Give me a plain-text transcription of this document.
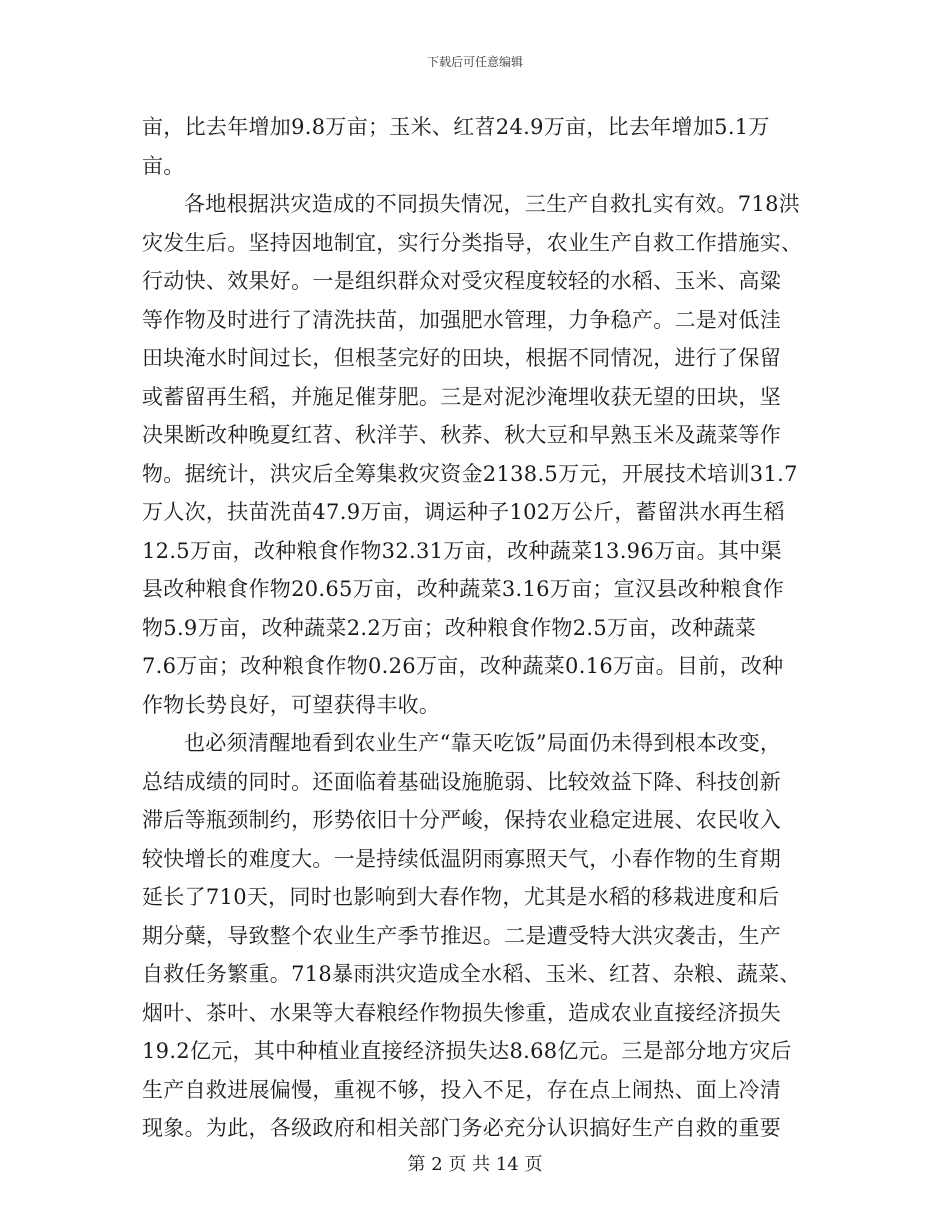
下载后可任意编辑
亩，比去年增加9.8万亩；玉米、红苕24.9万亩，比去年增加5.1万
亩。
各地根据洪灾造成的不同损失情况，三生产自救扎实有效。718洪
灾发生后。坚持因地制宜，实行分类指导，农业生产自救工作措施实、
行动快、效果好。一是组织群众对受灾程度较轻的水稻、玉米、高粱
等作物及时进行了清洗扶苗，加强肥水管理，力争稳产。二是对低洼
田块淹水时间过长，但根茎完好的田块，根据不同情况，进行了保留
或蓄留再生稻，并施足催芽肥。三是对泥沙淹埋收获无望的田块，坚
决果断改种晚夏红苕、秋洋芋、秋荞、秋大豆和早熟玉米及蔬菜等作
物。据统计，洪灾后全筹集救灾资金2138.5万元，开展技术培训31.7
万人次，扶苗洗苗47.9万亩，调运种子102万公斤，蓄留洪水再生稻
12.5万亩，改种粮食作物32.31万亩，改种蔬菜13.96万亩。其中渠
县改种粮食作物20.65万亩，改种蔬菜3.16万亩；宣汉县改种粮食作
物5.9万亩，改种蔬菜2.2万亩；改种粮食作物2.5万亩，改种蔬菜
7.6万亩；改种粮食作物0.26万亩，改种蔬菜0.16万亩。目前，改种
作物长势良好，可望获得丰收。
也必须清醒地看到农业生产“靠天吃饭”局面仍未得到根本改变，
总结成绩的同时。还面临着基础设施脆弱、比较效益下降、科技创新
滞后等瓶颈制约，形势依旧十分严峻，保持农业稳定进展、农民收入
较快增长的难度大。一是持续低温阴雨寡照天气，小春作物的生育期
延长了710天，同时也影响到大春作物，尤其是水稻的移栽进度和后
期分蘖，导致整个农业生产季节推迟。二是遭受特大洪灾袭击，生产
自救任务繁重。718暴雨洪灾造成全水稻、玉米、红苕、杂粮、蔬菜、
烟叶、茶叶、水果等大春粮经作物损失惨重，造成农业直接经济损失
19.2亿元，其中种植业直接经济损失达8.68亿元。三是部分地方灾后
生产自救进展偏慢，重视不够，投入不足，存在点上闹热、面上冷清
现象。为此，各级政府和相关部门务必充分认识搞好生产自救的重要
第 2 页 共 14 页
